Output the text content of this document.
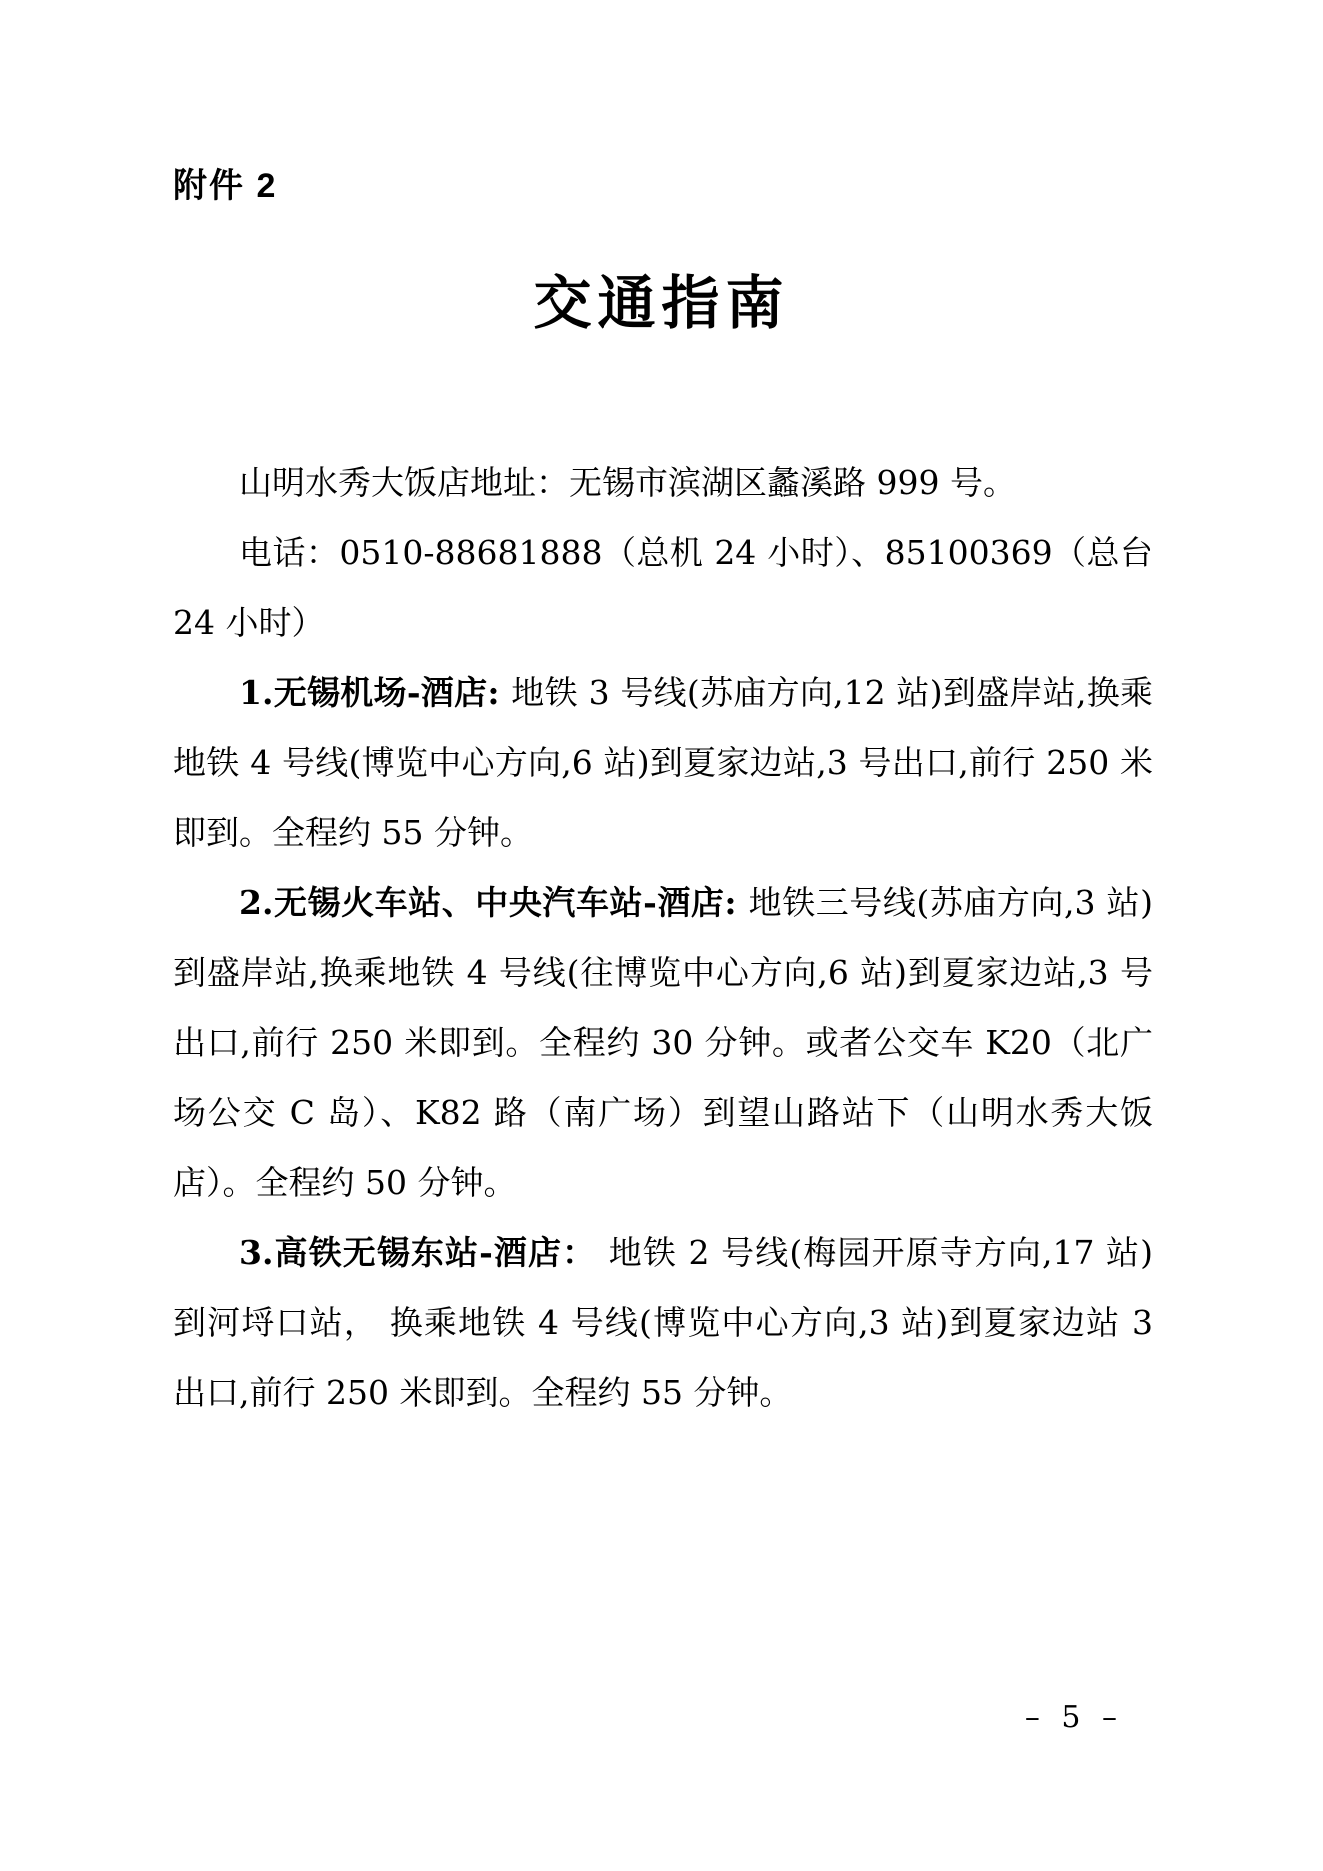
附件 2
交通指南

山明水秀大饭店地址：无锡市滨湖区蠡溪路 999 号。

电话：0510-88681888（总机 24 小时）、85100369（总台 24 小时）

1.无锡机场-酒店: 地铁 3 号线(苏庙方向,12 站)到盛岸站,换乘地铁 4 号线(博览中心方向,6 站)到夏家边站,3 号出口,前行 250 米即到。全程约 55 分钟。

2.无锡火车站、中央汽车站-酒店: 地铁三号线(苏庙方向,3 站)到盛岸站,换乘地铁 4 号线(往博览中心方向,6 站)到夏家边站,3 号出口,前行 250 米即到。全程约 30 分钟。或者公交车 K20（北广场公交 C 岛）、K82 路（南广场）到望山路站下（山明水秀大饭店）。全程约 50 分钟。

3.高铁无锡东站-酒店： 地铁 2 号线(梅园开原寺方向,17 站)到河埒口站， 换乘地铁 4 号线(博览中心方向,3 站)到夏家边站 3 出口,前行 250 米即到。全程约 55 分钟。

– 5 –
